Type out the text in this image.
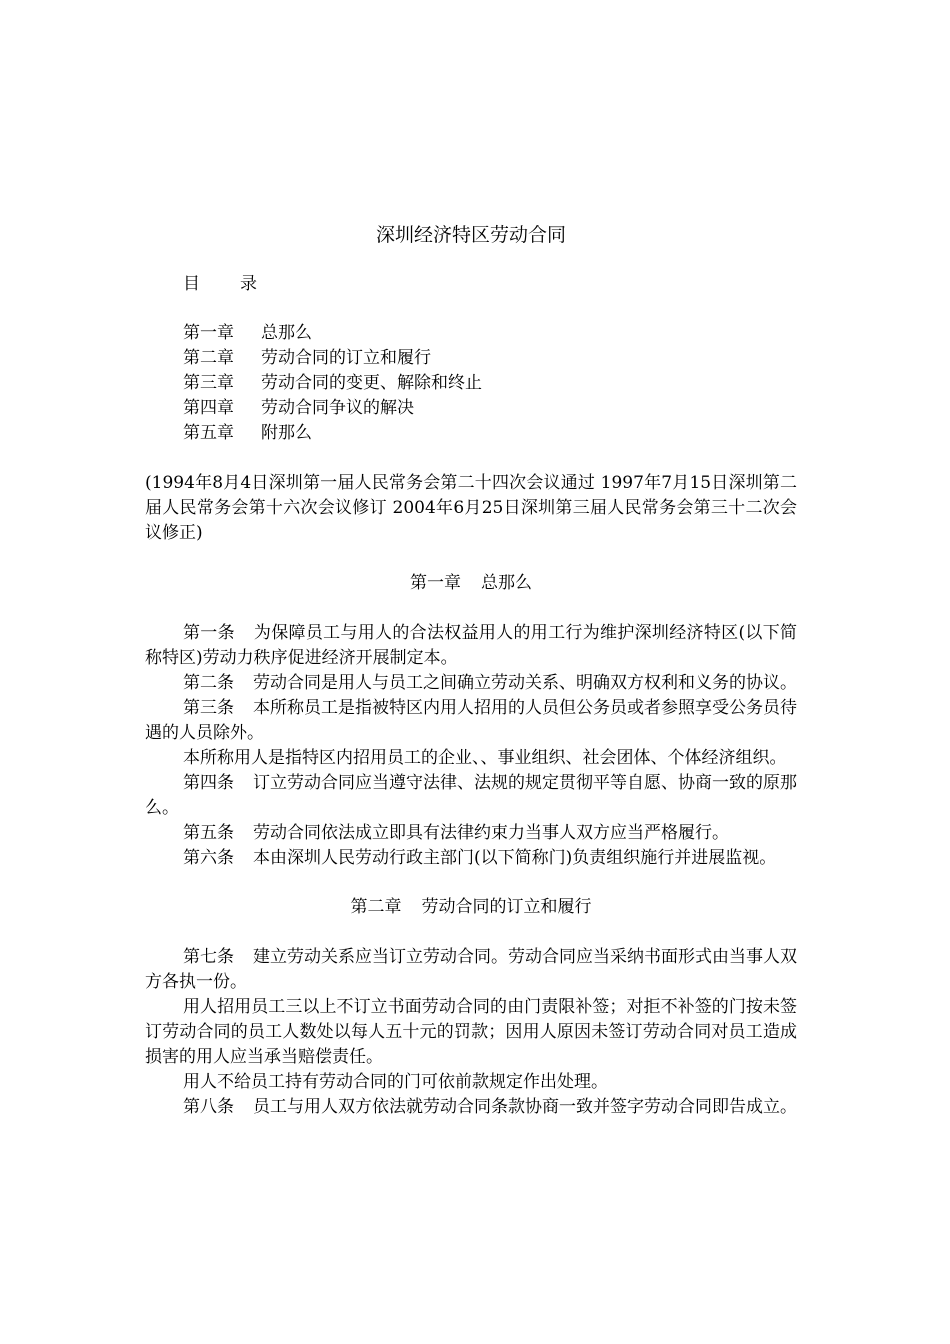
深圳经济特区劳动合同
目 录
第一章 总那么
第二章 劳动合同的订立和履行
第三章 劳动合同的变更、解除和终止
第四章 劳动合同争议的解决
第五章 附那么
(1994年8月4日深圳第一届人民常务会第二十四次会议通过 1997年7月15日深圳第二届人民常务会第十六次会议修订 2004年6月25日深圳第三届人民常务会第三十二次会议修正)
第一章 总那么

第一条 为保障员工与用人的合法权益用人的用工行为维护深圳经济特区(以下简称特区)劳动力秩序促进经济开展制定本。

第二条 劳动合同是用人与员工之间确立劳动关系、明确双方权利和义务的协议。

第三条 本所称员工是指被特区内用人招用的人员但公务员或者参照享受公务员待遇的人员除外。

本所称用人是指特区内招用员工的企业、、事业组织、社会团体、个体经济组织。

第四条 订立劳动合同应当遵守法律、法规的规定贯彻平等自愿、协商一致的原那么。

第五条 劳动合同依法成立即具有法律约束力当事人双方应当严格履行。

第六条 本由深圳人民劳动行政主部门(以下简称门)负责组织施行并进展监视。

第二章 劳动合同的订立和履行

第七条 建立劳动关系应当订立劳动合同。劳动合同应当采纳书面形式由当事人双方各执一份。

用人招用员工三以上不订立书面劳动合同的由门责限补签；对拒不补签的门按未签订劳动合同的员工人数处以每人五十元的罚款；因用人原因未签订劳动合同对员工造成损害的用人应当承当赔偿责任。

用人不给员工持有劳动合同的门可依前款规定作出处理。

第八条 员工与用人双方依法就劳动合同条款协商一致并签字劳动合同即告成立。
